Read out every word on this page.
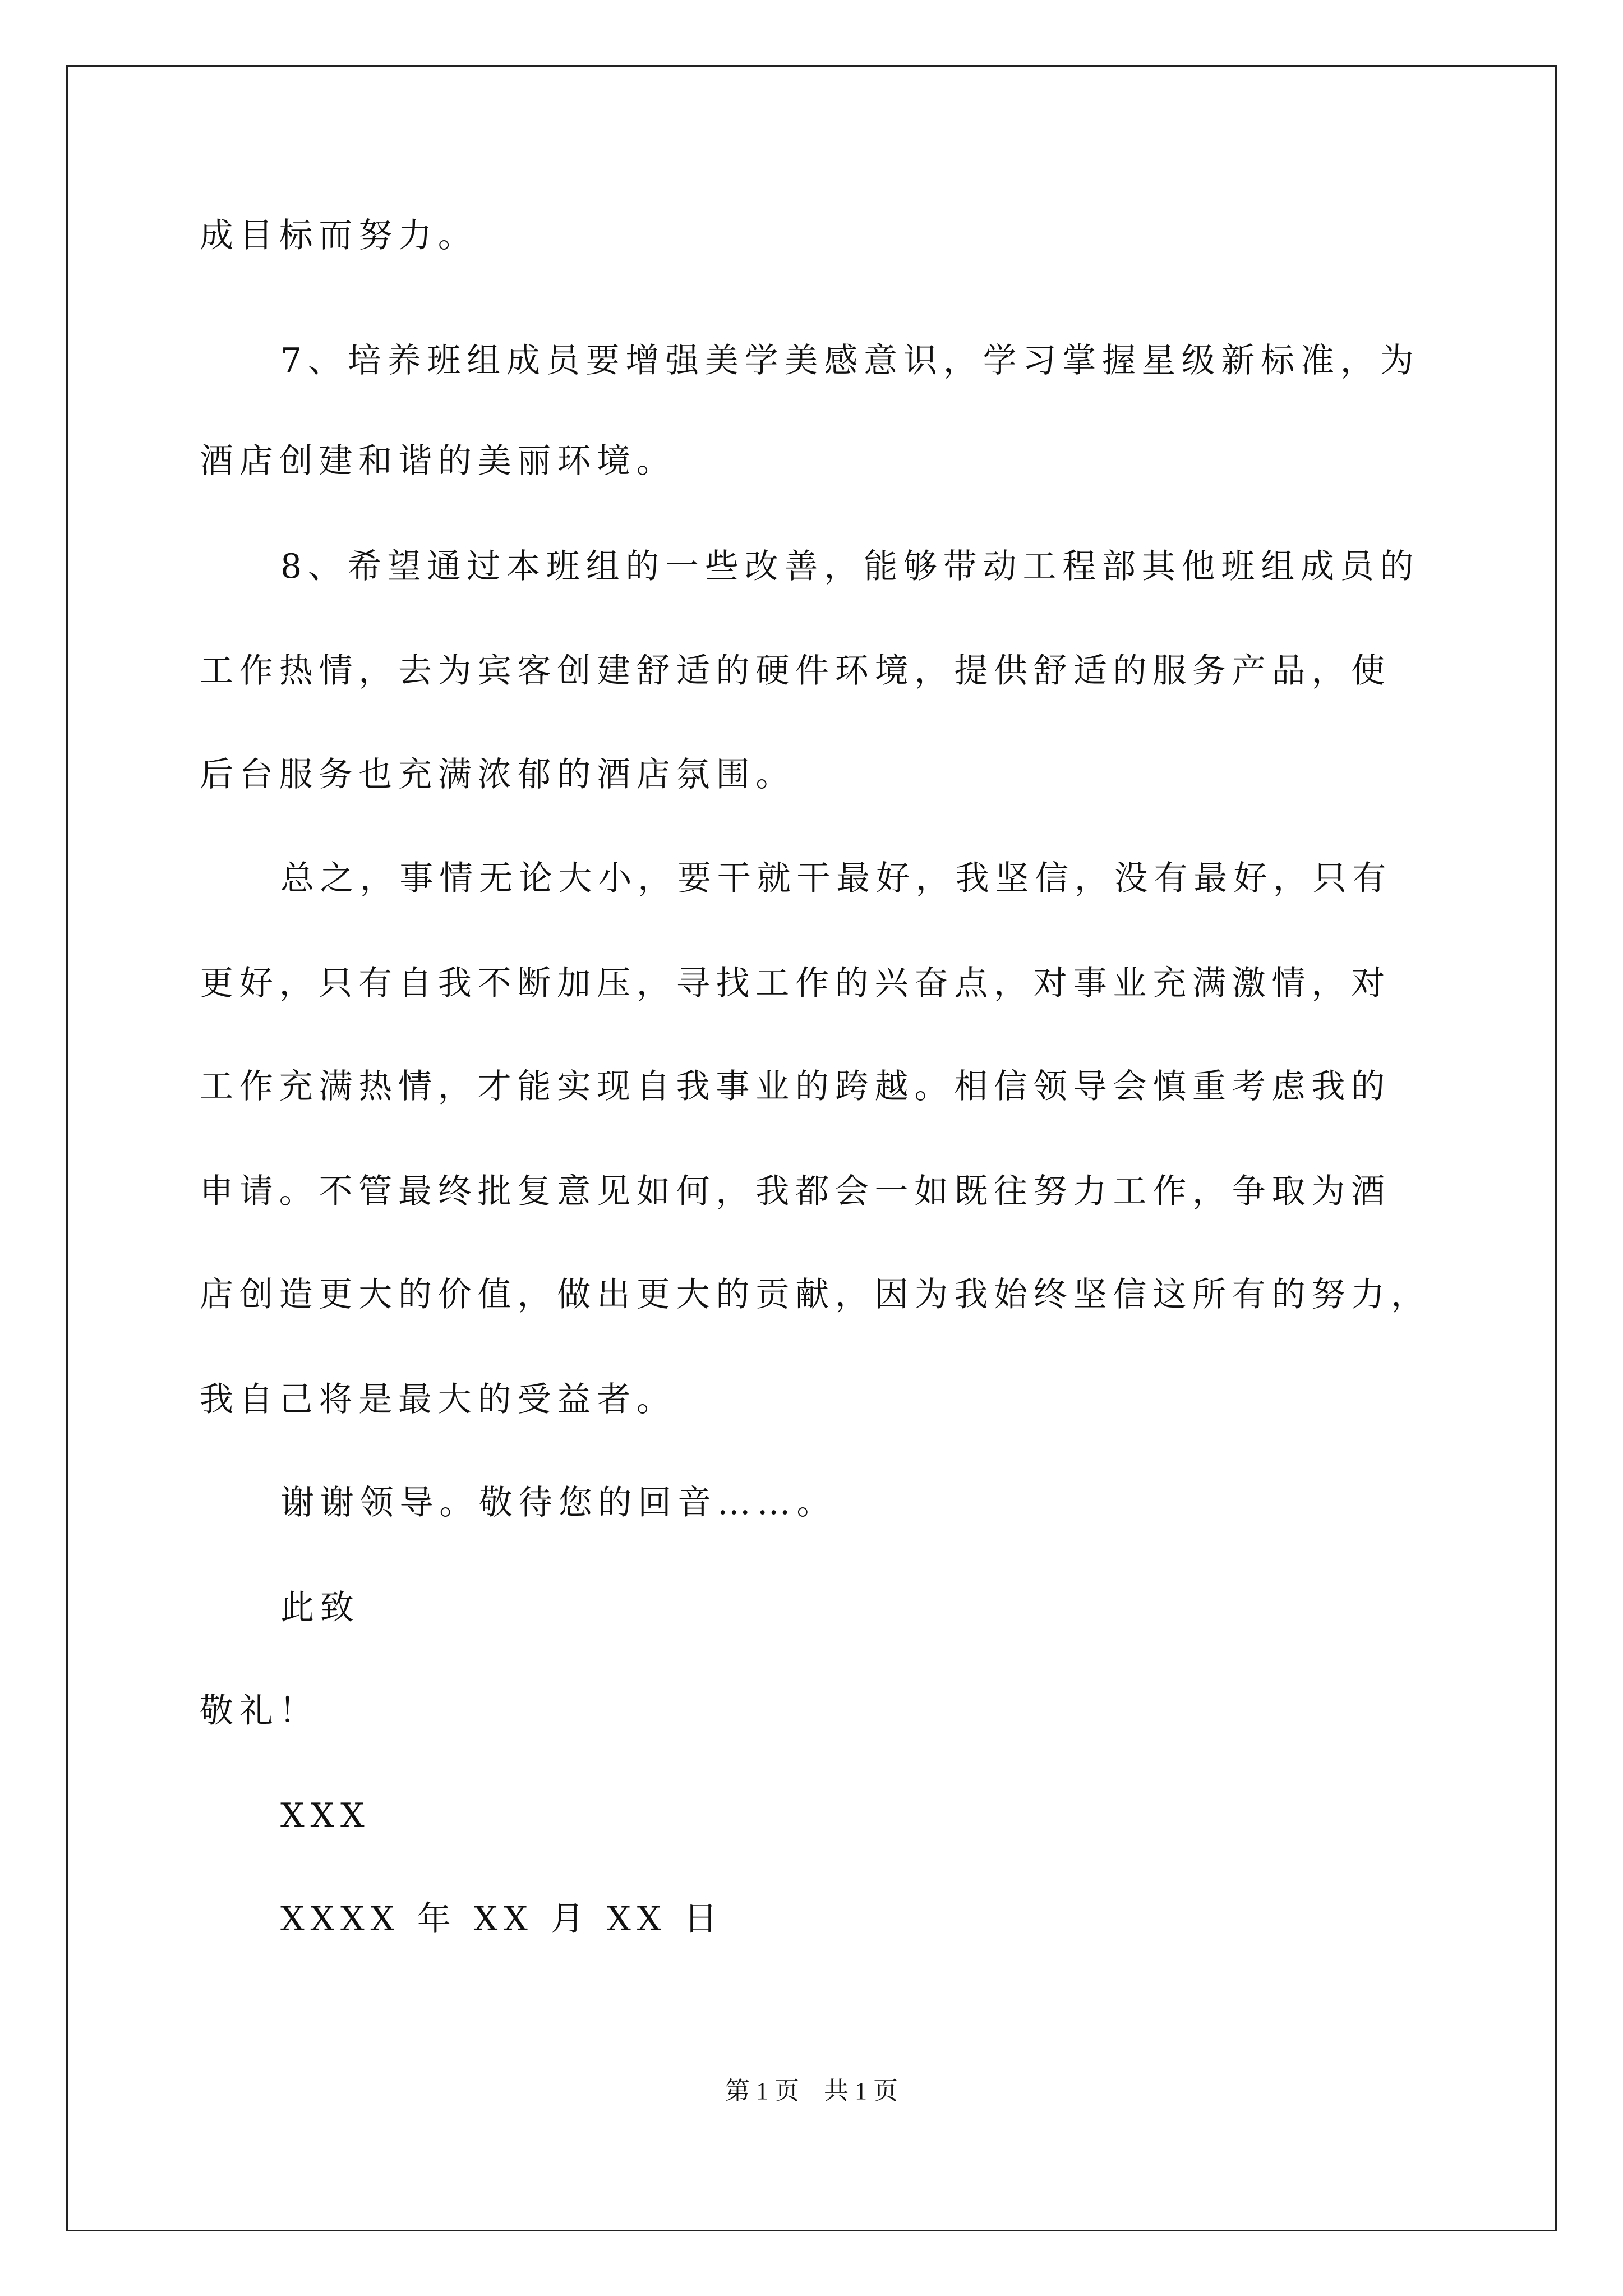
成目标而努力。
7、培养班组成员要增强美学美感意识，学习掌握星级新标准，为
酒店创建和谐的美丽环境。
8、希望通过本班组的一些改善，能够带动工程部其他班组成员的
工作热情，去为宾客创建舒适的硬件环境，提供舒适的服务产品，使
后台服务也充满浓郁的酒店氛围。
总之，事情无论大小，要干就干最好，我坚信，没有最好，只有
更好，只有自我不断加压，寻找工作的兴奋点，对事业充满激情，对
工作充满热情，才能实现自我事业的跨越。相信领导会慎重考虑我的
申请。不管最终批复意见如何，我都会一如既往努力工作，争取为酒
店创造更大的价值，做出更大的贡献，因为我始终坚信这所有的努力，
我自己将是最大的受益者。
谢谢领导。敬待您的回音……。
此致
敬礼！
XXX
XXXX 年 XX 月 XX 日
第 1 页    共 1 页
